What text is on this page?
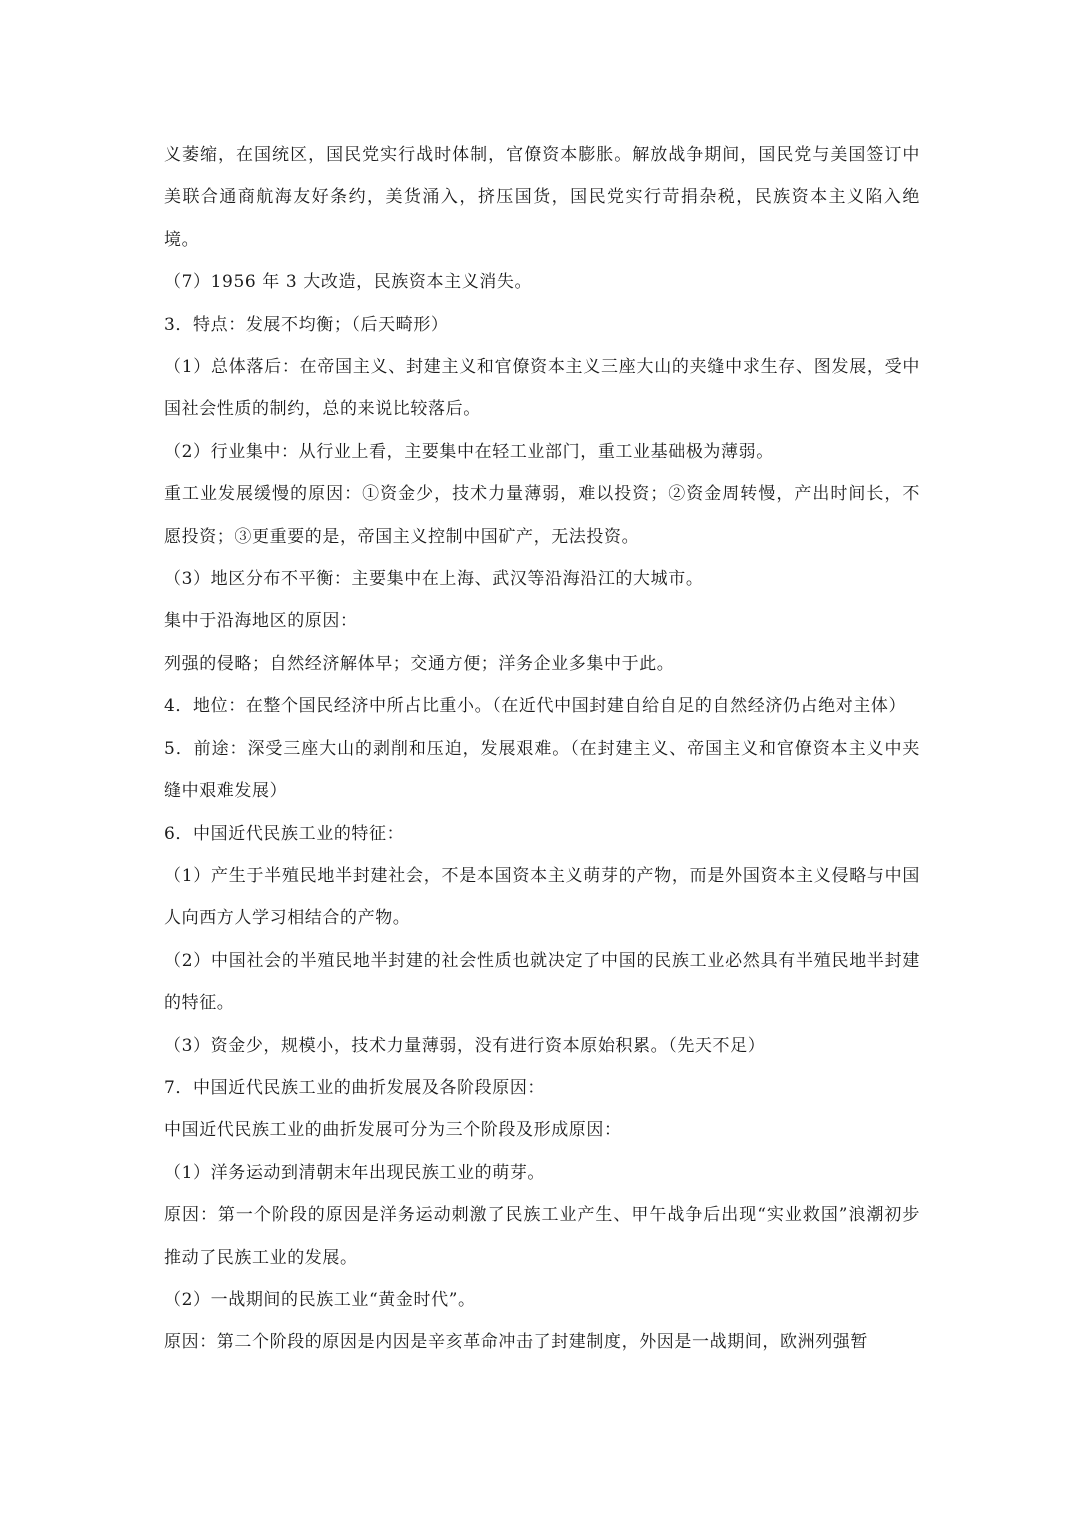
义萎缩，在国统区，国民党实行战时体制，官僚资本膨胀。解放战争期间，国民党与美国签订中美联合通商航海友好条约，美货涌入，挤压国货，国民党实行苛捐杂税，民族资本主义陷入绝境。

（7）1956 年 3 大改造，民族资本主义消失。

3．特点：发展不均衡；（后天畸形）

（1）总体落后：在帝国主义、封建主义和官僚资本主义三座大山的夹缝中求生存、图发展，受中国社会性质的制约，总的来说比较落后。

（2）行业集中：从行业上看，主要集中在轻工业部门，重工业基础极为薄弱。

重工业发展缓慢的原因：①资金少，技术力量薄弱，难以投资；②资金周转慢，产出时间长，不愿投资；③更重要的是，帝国主义控制中国矿产，无法投资。

（3）地区分布不平衡：主要集中在上海、武汉等沿海沿江的大城市。

集中于沿海地区的原因：

列强的侵略；自然经济解体早；交通方便；洋务企业多集中于此。

4．地位：在整个国民经济中所占比重小。（在近代中国封建自给自足的自然经济仍占绝对主体）

5．前途：深受三座大山的剥削和压迫，发展艰难。（在封建主义、帝国主义和官僚资本主义中夹缝中艰难发展）

6．中国近代民族工业的特征：

（1）产生于半殖民地半封建社会，不是本国资本主义萌芽的产物，而是外国资本主义侵略与中国人向西方人学习相结合的产物。

（2）中国社会的半殖民地半封建的社会性质也就决定了中国的民族工业必然具有半殖民地半封建的特征。

（3）资金少，规模小，技术力量薄弱，没有进行资本原始积累。（先天不足）

7．中国近代民族工业的曲折发展及各阶段原因：

中国近代民族工业的曲折发展可分为三个阶段及形成原因：

（1）洋务运动到清朝末年出现民族工业的萌芽。

原因：第一个阶段的原因是洋务运动刺激了民族工业产生、甲午战争后出现“实业救国”浪潮初步推动了民族工业的发展。

（2）一战期间的民族工业“黄金时代”。

原因：第二个阶段的原因是内因是辛亥革命冲击了封建制度，外因是一战期间，欧洲列强暂
